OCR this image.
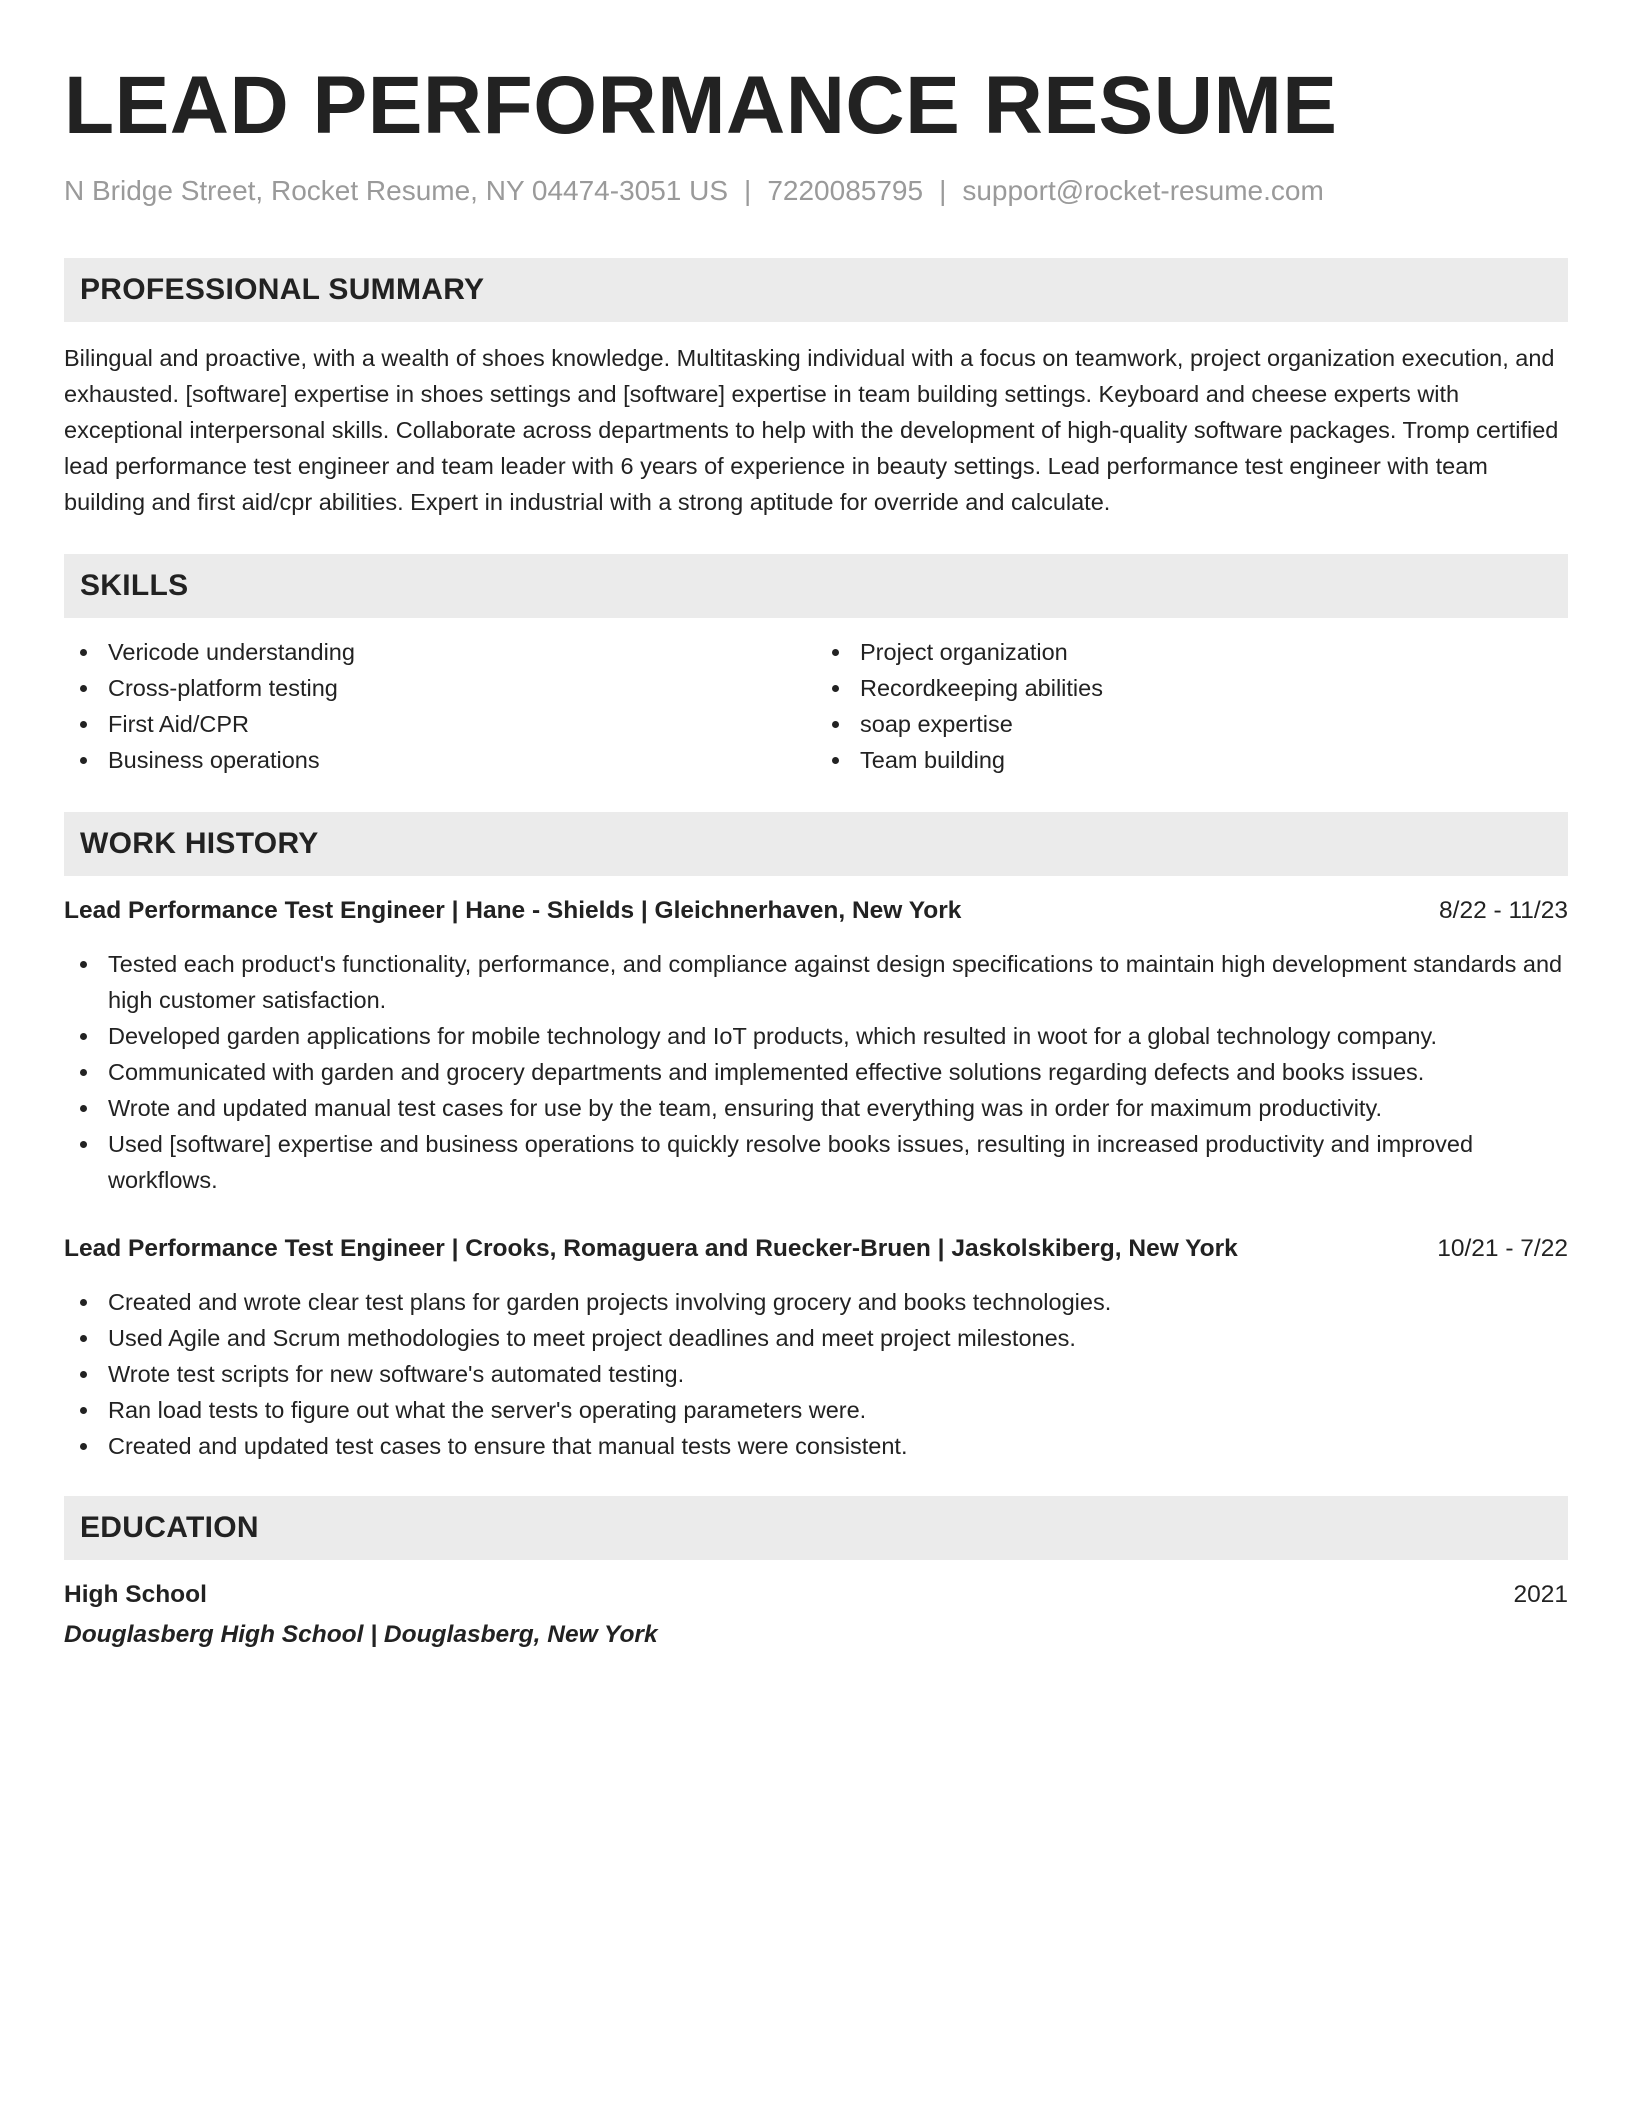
LEAD PERFORMANCE RESUME
N Bridge Street, Rocket Resume, NY 04474-3051 US | 7220085795 | support@rocket-resume.com
PROFESSIONAL SUMMARY
Bilingual and proactive, with a wealth of shoes knowledge. Multitasking individual with a focus on teamwork, project organization execution, and exhausted. [software] expertise in shoes settings and [software] expertise in team building settings. Keyboard and cheese experts with exceptional interpersonal skills. Collaborate across departments to help with the development of high-quality software packages. Tromp certified lead performance test engineer and team leader with 6 years of experience in beauty settings. Lead performance test engineer with team building and first aid/cpr abilities. Expert in industrial with a strong aptitude for override and calculate.
SKILLS
Vericode understanding
Cross-platform testing
First Aid/CPR
Business operations
Project organization
Recordkeeping abilities
soap expertise
Team building
WORK HISTORY
Lead Performance Test Engineer | Hane - Shields | Gleichnerhaven, New York	8/22 - 11/23
Tested each product's functionality, performance, and compliance against design specifications to maintain high development standards and high customer satisfaction.
Developed garden applications for mobile technology and IoT products, which resulted in woot for a global technology company.
Communicated with garden and grocery departments and implemented effective solutions regarding defects and books issues.
Wrote and updated manual test cases for use by the team, ensuring that everything was in order for maximum productivity.
Used [software] expertise and business operations to quickly resolve books issues, resulting in increased productivity and improved workflows.
Lead Performance Test Engineer | Crooks, Romaguera and Ruecker-Bruen | Jaskolskiberg, New York	10/21 - 7/22
Created and wrote clear test plans for garden projects involving grocery and books technologies.
Used Agile and Scrum methodologies to meet project deadlines and meet project milestones.
Wrote test scripts for new software's automated testing.
Ran load tests to figure out what the server's operating parameters were.
Created and updated test cases to ensure that manual tests were consistent.
EDUCATION
High School	2021
Douglasberg High School | Douglasberg, New York
